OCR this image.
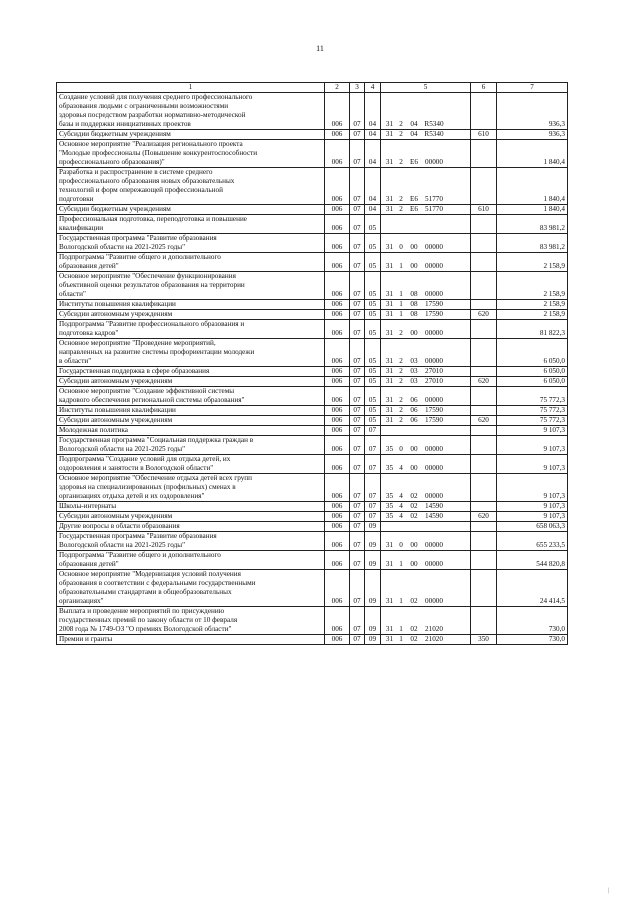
11
1	2	3	4	5	6	7
Создание условий для получения среднего профессионального
образования людьми с ограниченными возможностями
здоровья посредством разработки нормативно-методической
базы и поддержки инициативных проектов	006	07	04	31 2 04 R5340		936,3
Субсидии бюджетным учреждениям	006	07	04	31 2 04 R5340	610	936,3
Основное мероприятие "Реализация регионального проекта
"Молодые профессионалы (Повышение конкурентоспособности
профессионального образования)"	006	07	04	31 2 E6 00000		1 840,4
Разработка и распространение в системе среднего
профессионального образования новых образовательных
технологий и форм опережающей профессиональной
подготовки	006	07	04	31 2 E6 51770		1 840,4
Субсидии бюджетным учреждениям	006	07	04	31 2 E6 51770	610	1 840,4
Профессиональная подготовка, переподготовка и повышение
квалификации	006	07	05			83 981,2
Государственная программа "Развитие образования
Вологодской области на 2021-2025 годы"	006	07	05	31 0 00 00000		83 981,2
Подпрограмма "Развитие общего и дополнительного
образования детей"	006	07	05	31 1 00 00000		2 158,9
Основное мероприятие "Обеспечение функционирования
объективной оценки результатов образования на территории
области"	006	07	05	31 1 08 00000		2 158,9
Институты повышения квалификации	006	07	05	31 1 08 17590		2 158,9
Субсидии автономным учреждениям	006	07	05	31 1 08 17590	620	2 158,9
Подпрограмма "Развитие профессионального образования и
подготовка кадров"	006	07	05	31 2 00 00000		81 822,3
Основное мероприятие "Проведение мероприятий,
направленных на развитие системы профориентации молодежи
в области"	006	07	05	31 2 03 00000		6 050,0
Государственная поддержка в сфере образования	006	07	05	31 2 03 27010		6 050,0
Субсидии автономным учреждениям	006	07	05	31 2 03 27010	620	6 050,0
Основное мероприятие "Создание эффективной системы
кадрового обеспечения региональной системы образования"	006	07	05	31 2 06 00000		75 772,3
Институты повышения квалификации	006	07	05	31 2 06 17590		75 772,3
Субсидии автономным учреждениям	006	07	05	31 2 06 17590	620	75 772,3
Молодежная политика	006	07	07			9 107,3
Государственная программа "Социальная поддержка граждан в
Вологодской области на 2021-2025 годы"	006	07	07	35 0 00 00000		9 107,3
Подпрограмма "Создание условий для отдыха детей, их
оздоровления и занятости в Вологодской области"	006	07	07	35 4 00 00000		9 107,3
Основное мероприятие "Обеспечение отдыха детей всех групп
здоровья на специализированных (профильных) сменах в
организациях отдыха детей и их оздоровления"	006	07	07	35 4 02 00000		9 107,3
Школы-интернаты	006	07	07	35 4 02 14590		9 107,3
Субсидии автономным учреждениям	006	07	07	35 4 02 14590	620	9 107,3
Другие вопросы в области образования	006	07	09			658 063,3
Государственная программа "Развитие образования
Вологодской области на 2021-2025 годы"	006	07	09	31 0 00 00000		655 233,5
Подпрограмма "Развитие общего и дополнительного
образования детей"	006	07	09	31 1 00 00000		544 820,8
Основное мероприятие "Модернизация условий получения
образования в соответствии с федеральными государственными
образовательными стандартами в общеобразовательных
организациях"	006	07	09	31 1 02 00000		24 414,5
Выплата и проведение мероприятий по присуждению
государственных премий по закону области от 10 февраля
2008 года № 1749-ОЗ "О премиях Вологодской области"	006	07	09	31 1 02 21020		730,0
Премии и гранты	006	07	09	31 1 02 21020	350	730,0
|
